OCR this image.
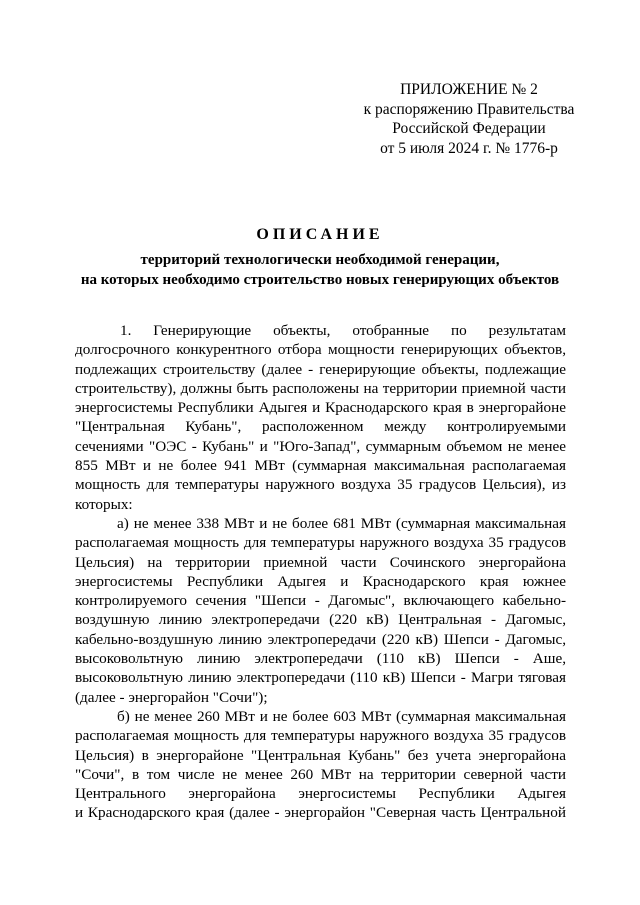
ПРИЛОЖЕНИЕ № 2
к распоряжению Правительства
Российской Федерации
от 5 июля 2024 г. № 1776-р
ОПИСАНИЕ
территорий технологически необходимой генерации,
на которых необходимо строительство новых генерирующих объектов
1. Генерирующие объекты, отобранные по результатам
долгосрочного конкурентного отбора мощности генерирующих объектов,
подлежащих строительству (далее - генерирующие объекты, подлежащие
строительству), должны быть расположены на территории приемной части
энергосистемы Республики Адыгея и Краснодарского края в энергорайоне
"Центральная Кубань", расположенном между контролируемыми
сечениями "ОЭС - Кубань" и "Юго-Запад", суммарным объемом не менее
855 МВт и не более 941 МВт (суммарная максимальная располагаемая
мощность для температуры наружного воздуха 35 градусов Цельсия), из
которых:
а) не менее 338 МВт и не более 681 МВт (суммарная максимальная
располагаемая мощность для температуры наружного воздуха 35 градусов
Цельсия) на территории приемной части Сочинского энергорайона
энергосистемы Республики Адыгея и Краснодарского края южнее
контролируемого сечения "Шепси - Дагомыс", включающего кабельно-
воздушную линию электропередачи (220 кВ) Центральная - Дагомыс,
кабельно-воздушную линию электропередачи (220 кВ) Шепси - Дагомыс,
высоковольтную линию электропередачи (110 кВ) Шепси - Аше,
высоковольтную линию электропередачи (110 кВ) Шепси - Магри тяговая
(далее - энергорайон "Сочи");
б) не менее 260 МВт и не более 603 МВт (суммарная максимальная
располагаемая мощность для температуры наружного воздуха 35 градусов
Цельсия) в энергорайоне "Центральная Кубань" без учета энергорайона
"Сочи", в том числе не менее 260 МВт на территории северной части
Центрального энергорайона энергосистемы Республики Адыгея
и Краснодарского края (далее - энергорайон "Северная часть Центральной
